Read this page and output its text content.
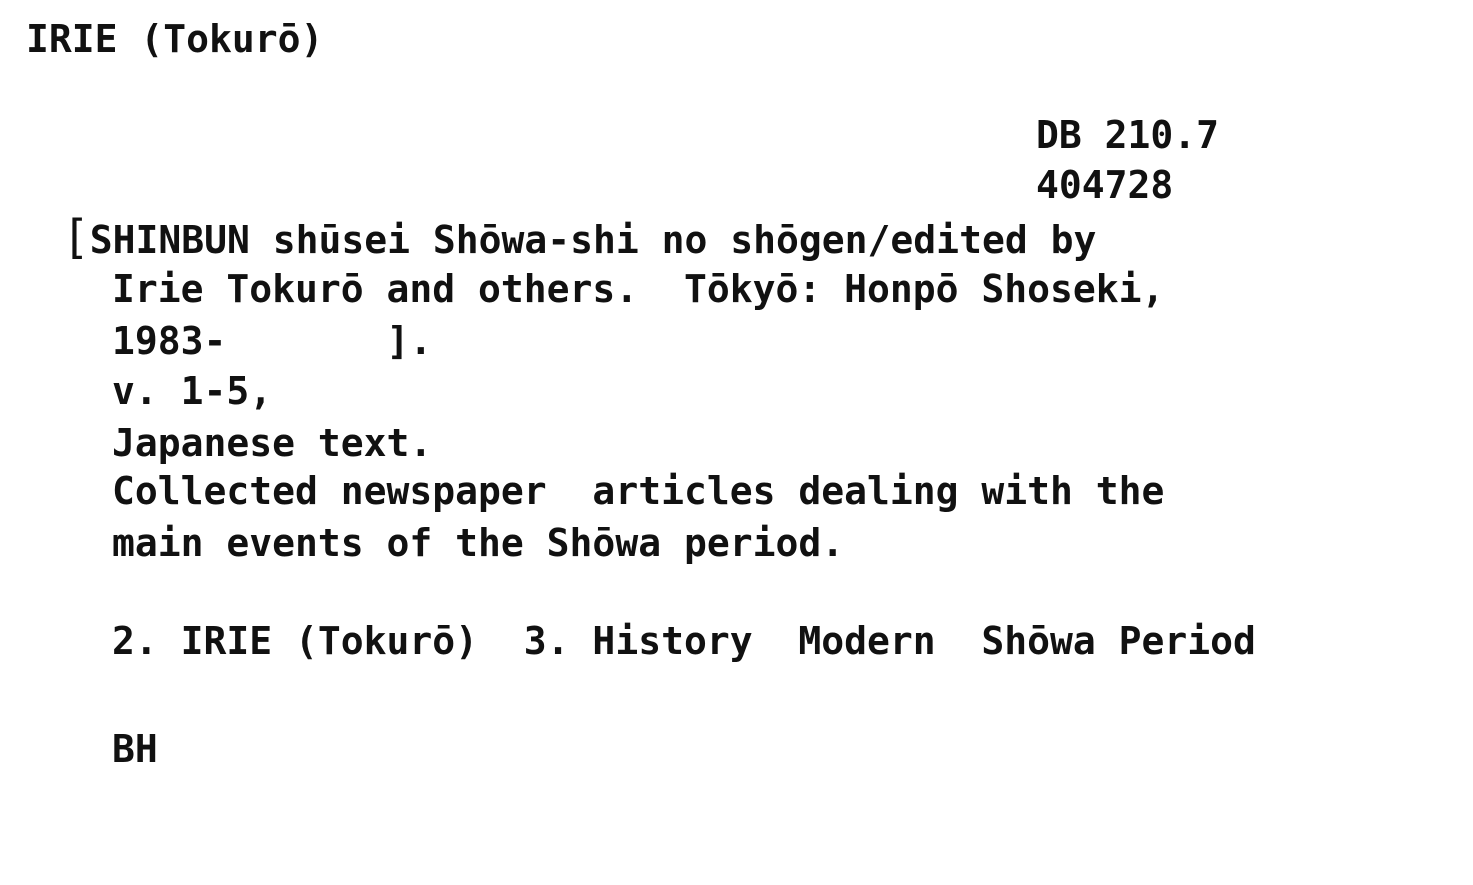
IRIE (Tokurō)
DB 210.7
404728
[SHINBUN shūsei Shōwa-shi no shōgen/edited by
Irie Tokurō and others.  Tōkyō: Honpō Shoseki,
1983-       ].
v. 1-5,
Japanese text.
Collected newspaper  articles dealing with the
main events of the Shōwa period.
2. IRIE (Tokurō)  3. History  Modern  Shōwa Period
BH
